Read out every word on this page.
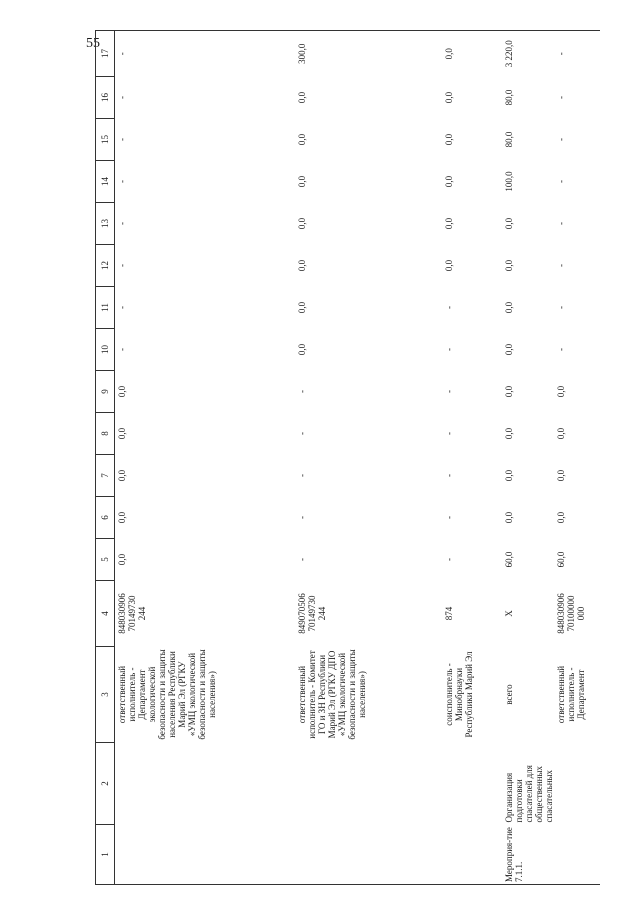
55
1	2	3	4	5	6	7	8	9	10	11	12	13	14	15	16	17
		ответственный исполнитель - Департамент экологической безопасности и защиты населения Республики Марий Эл (РГКУ «УМЦ экологической безопасности и защиты населения»)	848030906
70149730
244	0,0	0,0	0,0	0,0	0,0	-	-	-	-	-	-	-	-
		ответственный исполнитель - Комитет ГО и ЗН Республики Марий Эл (РГКУ ДПО «УМЦ экологической безопасности и защиты населения»)	849070506
70149730
244	-	-	-	-	-	0,0	0,0	0,0	0,0	0,0	0,0	0,0	300,0
		соисполнитель - Минобрнауки Республики Марий Эл	874	-	-	-	-	-	-	-	0,0	0,0	0,0	0,0	0,0	0,0
Мероприя-тие 7.1.1.	Организация подготовки спасателей для общественных спасательных	всего	X	60,0	0,0	0,0	0,0	0,0	0,0	0,0	0,0	0,0	100,0	80,0	80,0	3 220,0
		ответственный исполнитель - Департамент	848030906
70100000
000	60,0	0,0	0,0	0,0	0,0	-	-	-	-	-	-	-	-
